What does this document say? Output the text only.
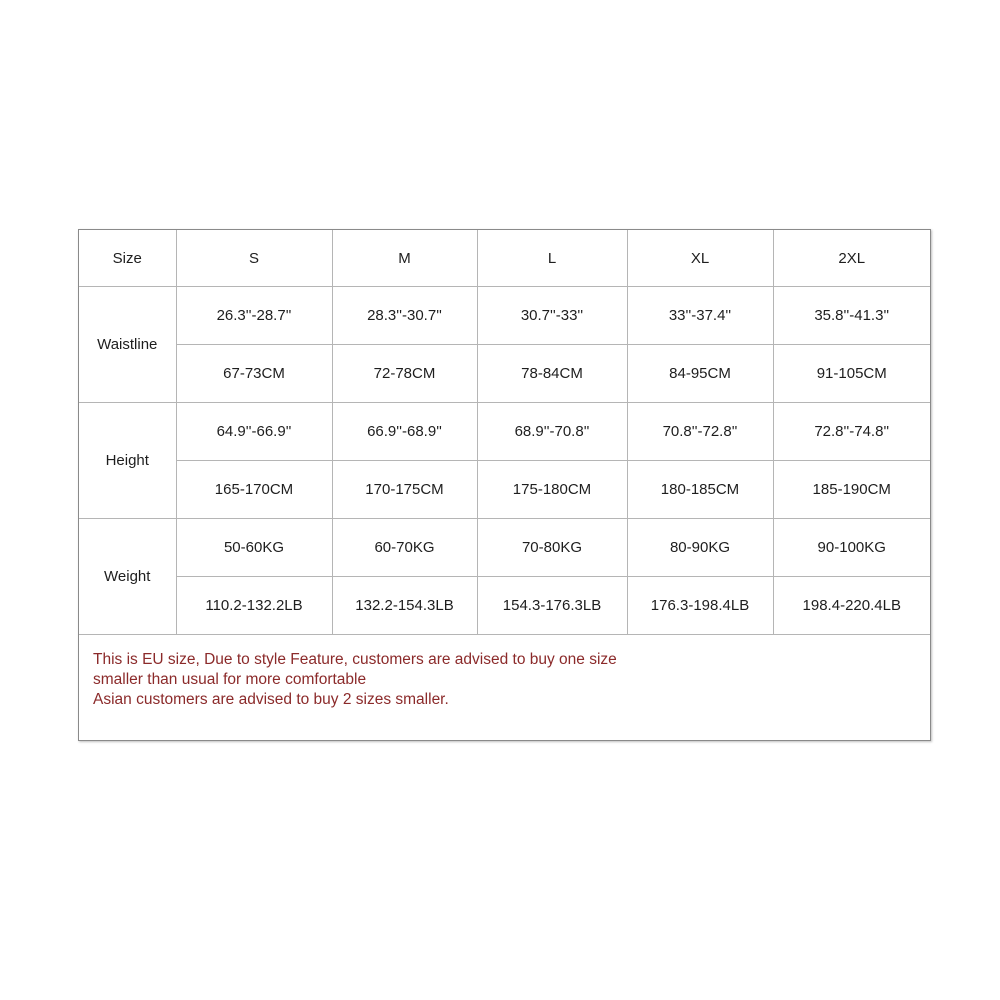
Size	S	M	L	XL	2XL
Waistline	26.3''-28.7''	28.3''-30.7''	30.7''-33''	33''-37.4''	35.8''-41.3''
	67-73CM	72-78CM	78-84CM	84-95CM	91-105CM
Height	64.9''-66.9''	66.9''-68.9''	68.9''-70.8''	70.8''-72.8''	72.8''-74.8''
	165-170CM	170-175CM	175-180CM	180-185CM	185-190CM
Weight	50-60KG	60-70KG	70-80KG	80-90KG	90-100KG
	110.2-132.2LB	132.2-154.3LB	154.3-176.3LB	176.3-198.4LB	198.4-220.4LB
This is EU size, Due to style Feature, customers are advised to buy one size
smaller than usual for more comfortable
Asian customers are advised to buy 2 sizes smaller.
